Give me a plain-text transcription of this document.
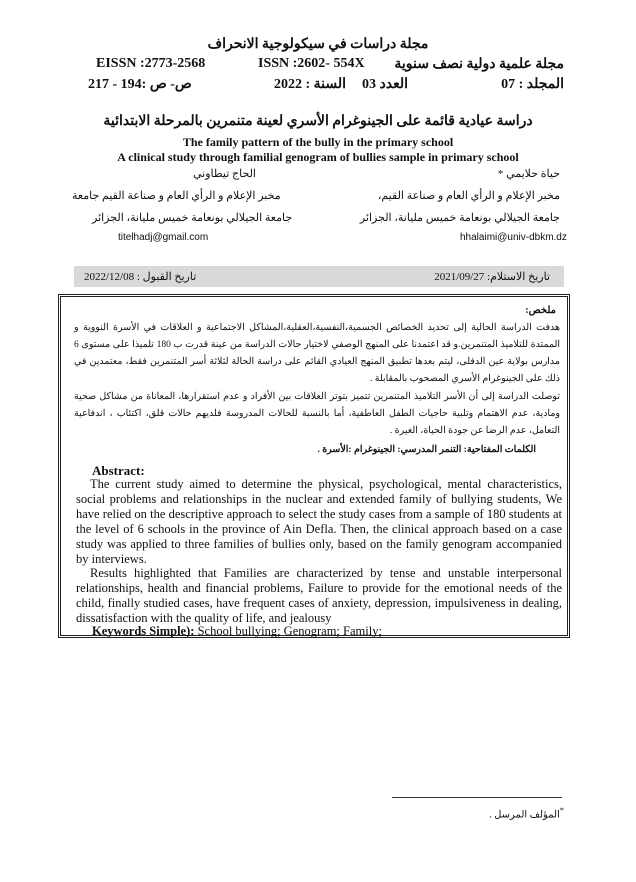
مجلة دراسات في سيكولوجية الانحراف
EISSN :2773-2568	ISSN :2602- 554X مجلة علمية دولية نصف سنوية
المجلد : 07
العدد 03
السنة : 2022
ص- ص :194 - 217
دراسة عيادية قائمة على الجينوغرام الأسري لعينة متنمرين بالمرحلة الابتدائية
The family pattern of the bully in the primary school
A clinical study through familial genogram of bullies sample in primary school
حياة حلايمي *
الحاج تيطاوني
مخبر الإعلام و الرأي العام و صناعة القيم،
مخبر الإعلام و الرأي العام و صناعة القيم جامعة
جامعة الجيلالي بونعامة خميس مليانة، الجزائر
جامعة الجيلالي بونعامة خميس مليانة، الجزائر
hhalaimi@univ-dbkm.dz
titelhadj@gmail.com
تاريخ الاستلام: 2021/09/27
تاريخ القبول : 2022/12/08
ملخص:
هدفت الدراسة الحالية إلى تحديد الخصائص الجسمية،النفسية،العقلية،المشاكل الاجتماعية و العلاقات في الأسرة النووية و الممتدة للتلاميذ المتنمرين.و قد اعتمدنا على المنهج الوصفي لاختيار حالات الدراسة من عينة قدرت ب 180 تلميذا على مستوى 6 مدارس بولاية عين الدفلى، ليتم بعدها تطبيق المنهج العيادي القائم على دراسة الحالة لثلاثة أسر المتنمرين فقط، معتمدين في ذلك على الجينوغرام الأسري المصحوب بالمقابلة .
توصلت الدراسة إلى أن الأسر التلاميذ المتنمرين تتميز بتوتر العلاقات بين الأفراد و عدم استقرارها، المعاناة من مشاكل صحية ومادية، عدم الاهتمام وتلبية حاجيات الطفل العاطفية، أما بالنسبة للحالات المدروسة فلديهم حالات قلق، اكتئاب ، اندفاعية التعامل، عدم الرضا عن جودة الحياة، الغيرة .
الكلمات المفتاحية: التنمر المدرسي: الجينوغرام :الأسرة .
Abstract:
The current study aimed to determine the physical, psychological, mental characteristics, social problems and relationships in the nuclear and extended family of bullying students, We have relied on the descriptive approach to select the study cases from a sample of 180 students at the level of 6 schools in the province of Ain Defla. Then, the clinical approach based on a case study was applied to three families of bullies only, based on the family genogram accompanied by interviews.
Results highlighted that Families are characterized by tense and unstable interpersonal relationships, health and financial problems, Failure to provide for the emotional needs of the child, finally studied cases, have frequent cases of anxiety, depression, impulsiveness in dealing, dissatisfaction with the quality of life, and jealousy
Keywords Simple): School bullying; Genogram; Family;
*المؤلف المرسل .
